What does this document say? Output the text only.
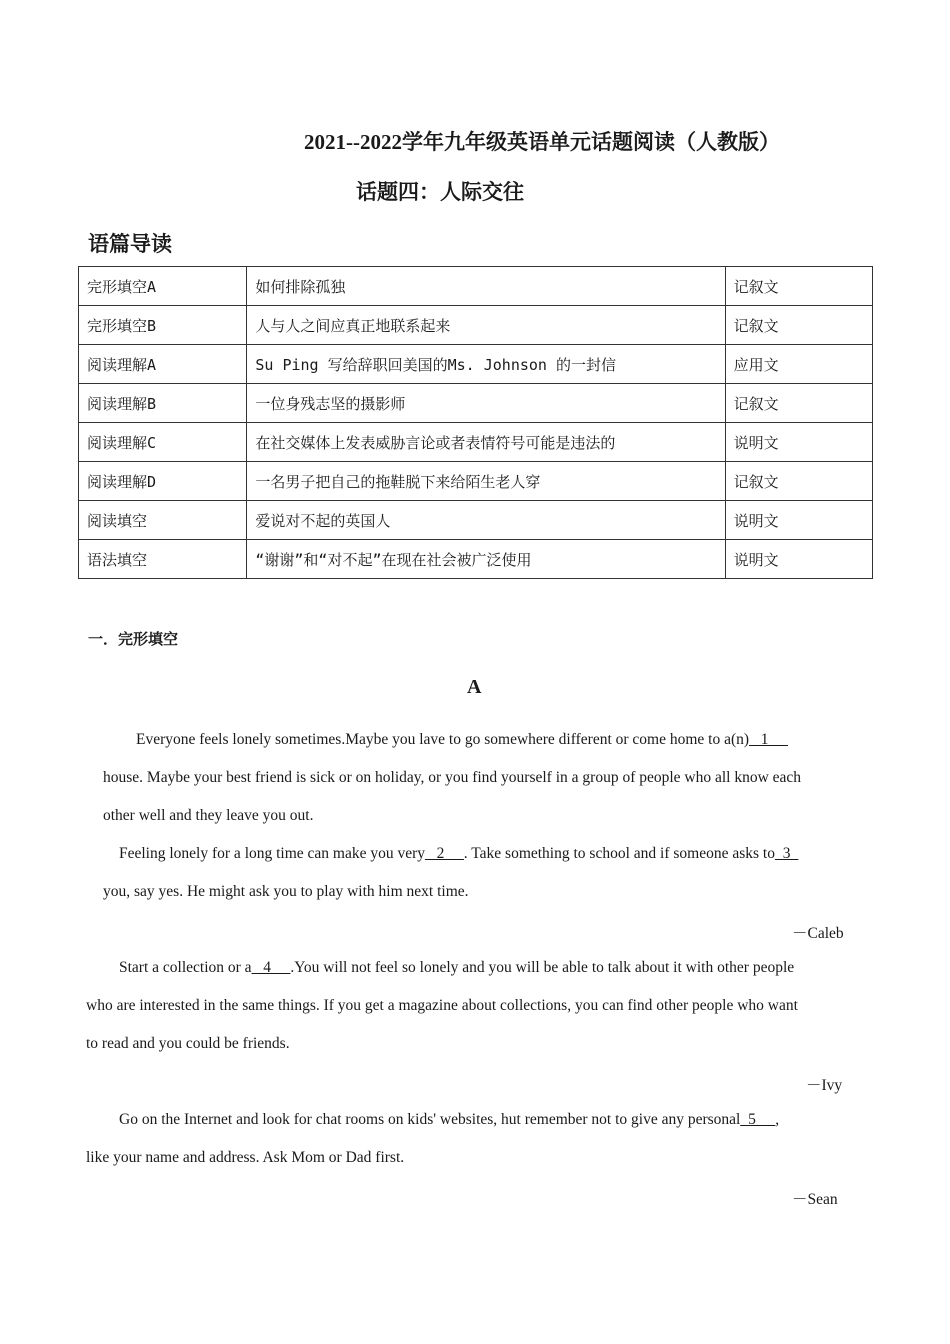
2021--2022学年九年级英语单元话题阅读（人教版）
话题四：人际交往
语篇导读
完形填空A	如何排除孤独	记叙文
完形填空B	人与人之间应真正地联系起来	记叙文
阅读理解A	Su Ping 写给辞职回美国的Ms. Johnson 的一封信	应用文
阅读理解B	一位身残志坚的摄影师	记叙文
阅读理解C	在社交媒体上发表威胁言论或者表情符号可能是违法的	说明文
阅读理解D	一名男子把自己的拖鞋脱下来给陌生老人穿	记叙文
阅读填空	爱说对不起的英国人	说明文
语法填空	“谢谢”和“对不起”在现在社会被广泛使用	说明文
一．完形填空
A
Everyone feels lonely sometimes.Maybe you lave to go somewhere different or come home to a(n)_ 1 __
house. Maybe your best friend is sick or on holiday, or you find yourself in a group of people who all know each
other well and they leave you out.
Feeling lonely for a long time can make you very_ 2 __. Take something to school and if someone asks to_3_
you, say yes. He might ask you to play with him next time.
－Caleb
Start a collection or a_ 4 __.You will not feel so lonely and you will be able to talk about it with other people
who are interested in the same things. If you get a magazine about collections, you can find other people who want
to read and you could be friends.
－Ivy
Go on the Internet and look for chat rooms on kids' websites, hut remember not to give any personal_5 __,
like your name and address. Ask Mom or Dad first.
－Sean
